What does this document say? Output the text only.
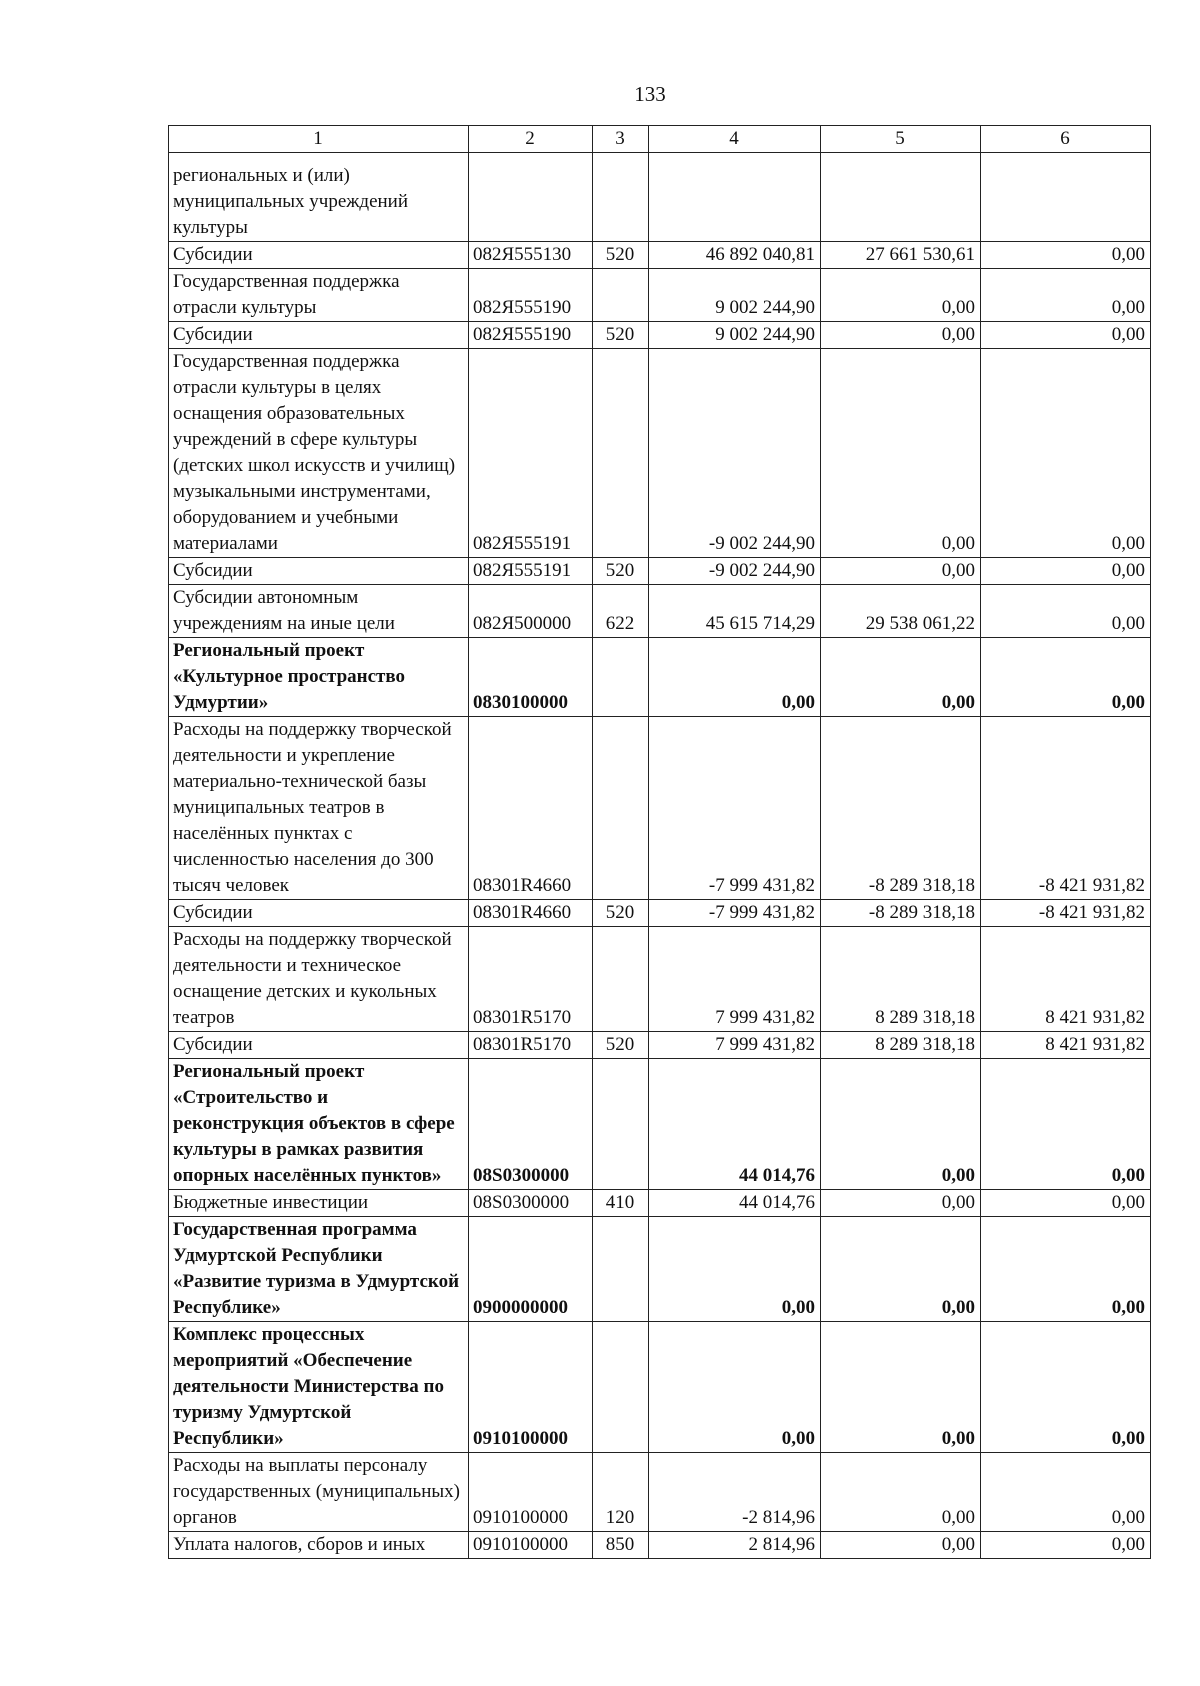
133
1	2	3	4	5	6
региональных и (или) муниципальных учреждений культуры					
Субсидии	082Я555130	520	46 892 040,81	27 661 530,61	0,00
Государственная поддержка отрасли культуры	082Я555190		9 002 244,90	0,00	0,00
Субсидии	082Я555190	520	9 002 244,90	0,00	0,00
Государственная поддержка отрасли культуры в целях оснащения образовательных учреждений в сфере культуры (детских школ искусств и училищ) музыкальными инструментами, оборудованием и учебными материалами	082Я555191		-9 002 244,90	0,00	0,00
Субсидии	082Я555191	520	-9 002 244,90	0,00	0,00
Субсидии автономным учреждениям на иные цели	082Я500000	622	45 615 714,29	29 538 061,22	0,00
Региональный проект «Культурное пространство Удмуртии»	0830100000		0,00	0,00	0,00
Расходы на поддержку творческой деятельности и укрепление материально-технической базы муниципальных театров в населённых пунктах с численностью населения до 300 тысяч человек	08301R4660		-7 999 431,82	-8 289 318,18	-8 421 931,82
Субсидии	08301R4660	520	-7 999 431,82	-8 289 318,18	-8 421 931,82
Расходы на поддержку творческой деятельности и техническое оснащение детских и кукольных театров	08301R5170		7 999 431,82	8 289 318,18	8 421 931,82
Субсидии	08301R5170	520	7 999 431,82	8 289 318,18	8 421 931,82
Региональный проект «Строительство и реконструкция объектов в сфере культуры в рамках развития опорных населённых пунктов»	08S0300000		44 014,76	0,00	0,00
Бюджетные инвестиции	08S0300000	410	44 014,76	0,00	0,00
Государственная программа Удмуртской Республики «Развитие туризма в Удмуртской Республике»	0900000000		0,00	0,00	0,00
Комплекс процессных мероприятий «Обеспечение деятельности Министерства по туризму Удмуртской Республики»	0910100000		0,00	0,00	0,00
Расходы на выплаты персоналу государственных (муниципальных) органов	0910100000	120	-2 814,96	0,00	0,00
Уплата налогов, сборов и иных	0910100000	850	2 814,96	0,00	0,00
